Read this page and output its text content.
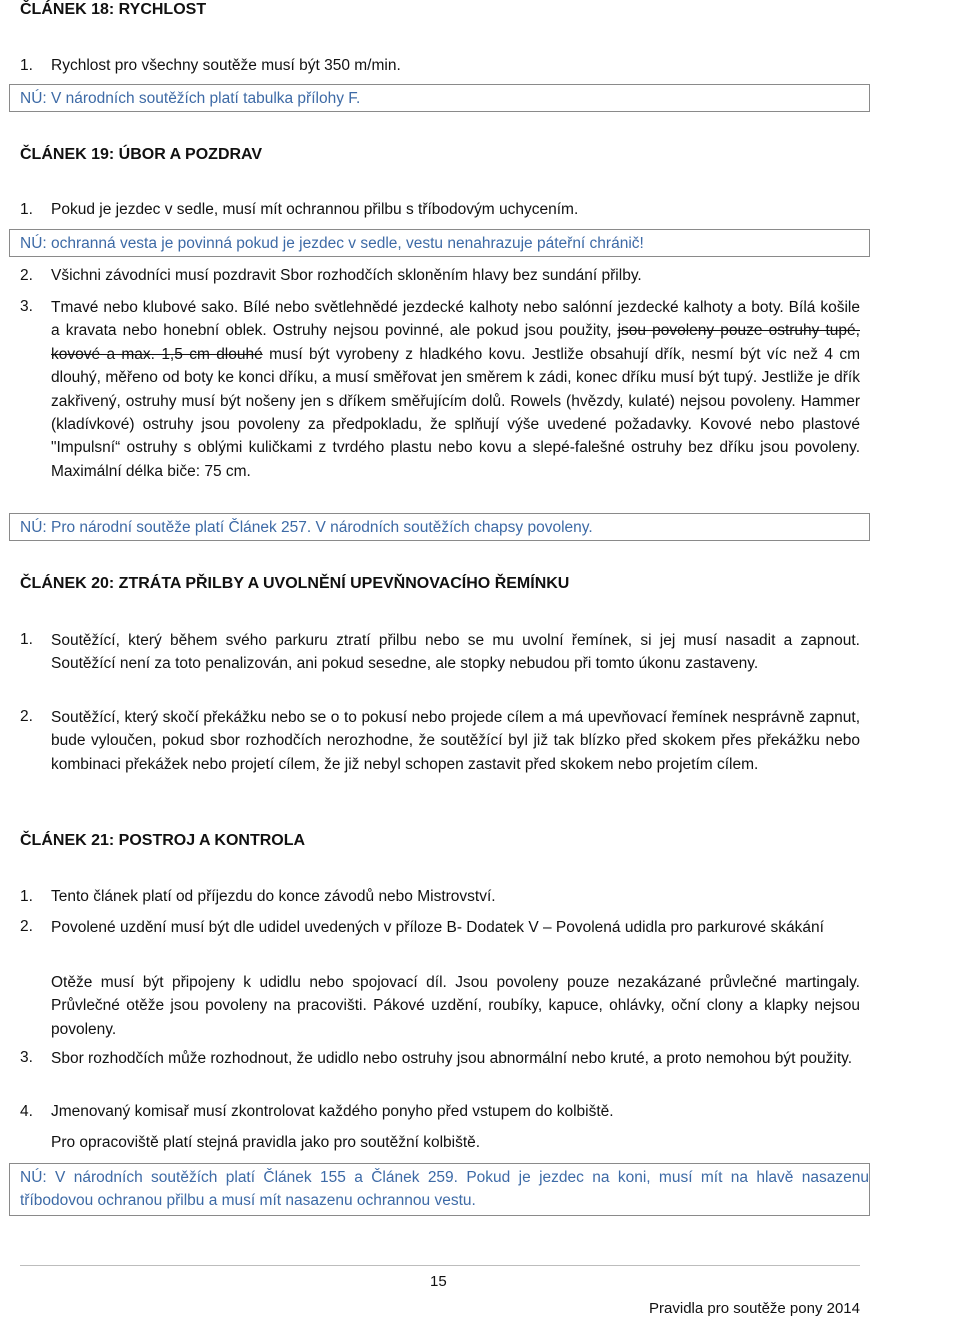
ČLÁNEK 18: RYCHLOST
1. Rychlost pro všechny soutěže musí být 350 m/min.
NÚ: V národních soutěžích platí tabulka přílohy F.
ČLÁNEK 19: ÚBOR A POZDRAV
1. Pokud je jezdec v sedle, musí mít ochrannou přilbu s tříbodovým uchycením.
NÚ: ochranná vesta je povinná pokud je jezdec v sedle, vestu nenahrazuje páteřní chránič!
2. Všichni závodníci musí pozdravit Sbor rozhodčích skloněním hlavy bez sundání přilby.
3. Tmavé nebo klubové sako. Bílé nebo světlehnědé jezdecké kalhoty nebo salónní jezdecké kalhoty a boty. Bílá košile a kravata nebo honební oblek. Ostruhy nejsou povinné, ale pokud jsou použity, jsou povoleny pouze ostruhy tupé, kovové a max. 1,5 cm dlouhé musí být vyrobeny z hladkého kovu. Jestliže obsahují dřík, nesmí být víc než 4 cm dlouhý, měřeno od boty ke konci dříku, a musí směřovat jen směrem k zádi, konec dříku musí být tupý. Jestliže je dřík zakřivený, ostruhy musí být nošeny jen s dříkem směřujícím dolů. Rowels (hvězdy, kulaté) nejsou povoleny. Hammer (kladívkové) ostruhy jsou povoleny za předpokladu, že splňují výše uvedené požadavky. Kovové nebo plastové "Impulsní“ ostruhy s oblými kuličkami z tvrdého plastu nebo kovu a slepé-falešné ostruhy bez dříku jsou povoleny. Maximální délka biče: 75 cm.
NÚ: Pro národní soutěže platí Článek 257. V národních soutěžích chapsy povoleny.
ČLÁNEK 20: ZTRÁTA PŘILBY A UVOLNĚNÍ UPEVŇNOVACÍHO ŘEMÍNKU
1. Soutěžící, který během svého parkuru ztratí přilbu nebo se mu uvolní řemínek, si jej musí nasadit a zapnout. Soutěžící není za toto penalizován, ani pokud sesedne, ale stopky nebudou při tomto úkonu zastaveny.
2. Soutěžící, který skočí překážku nebo se o to pokusí nebo projede cílem a má upevňovací řemínek nesprávně zapnut, bude vyloučen, pokud sbor rozhodčích nerozhodne, že soutěžící byl již tak blízko před skokem přes překážku nebo kombinaci překážek nebo projetí cílem, že již nebyl schopen zastavit před skokem nebo projetím cílem.
ČLÁNEK 21: POSTROJ A KONTROLA
1. Tento článek platí od příjezdu do konce závodů nebo Mistrovství.
2. Povolené uzdění musí být dle udidel uvedených v příloze B- Dodatek V – Povolená udidla pro parkurové skákání
Otěže musí být připojeny k udidlu nebo spojovací díl. Jsou povoleny pouze nezakázané průvlečné martingaly. Průvlečné otěže jsou povoleny na pracovišti. Pákové uzdění, roubíky, kapuce, ohlávky, oční clony a klapky nejsou povoleny.
3. Sbor rozhodčích může rozhodnout, že udidlo nebo ostruhy jsou abnormální nebo kruté, a proto nemohou být použity.
4. Jmenovaný komisař musí zkontrolovat každého ponyho před vstupem do kolbiště.
Pro opracoviště platí stejná pravidla jako pro soutěžní kolbiště.
NÚ: V národních soutěžích platí Článek 155 a Článek 259. Pokud je jezdec na koni, musí mít na hlavě nasazenu tříbodovou ochranou přilbu a musí mít nasazenu ochrannou vestu.
15
Pravidla pro soutěže pony 2014
